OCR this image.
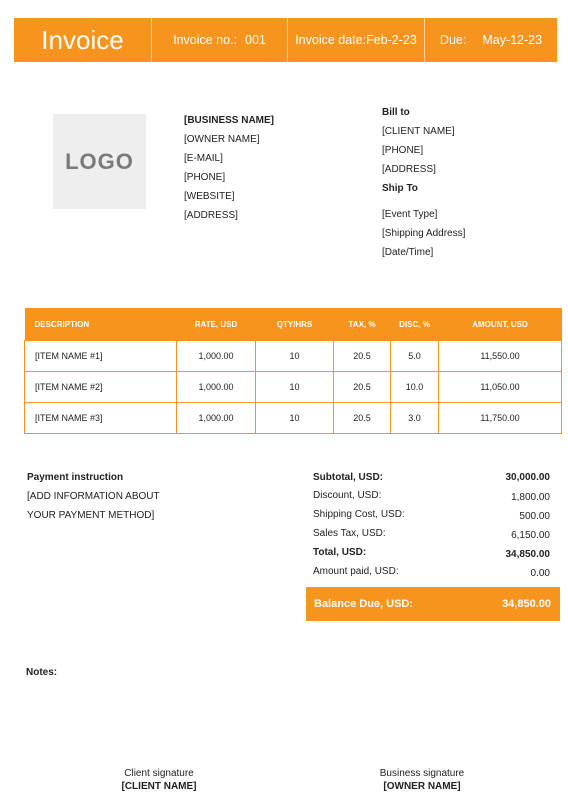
Invoice	Invoice no.: 001 Invoice date: Feb-2-23 Due: May-12-23
LOGO
[BUSINESS NAME]
[OWNER NAME]
[E-MAIL]
[PHONE]
[WEBSITE]
[ADDRESS]
Bill to
[CLIENT NAME]
[PHONE]
[ADDRESS]
Ship To
[Event Type]
[Shipping Address]
[Date/Time]
DESCRIPTION	RATE, USD	QTY/HRS	TAX, %	DISC, %	AMOUNT, USD
[ITEM NAME #1]	1,000.00	10	20.5	5.0	11,550.00
[ITEM NAME #2]	1,000.00	10	20.5	10.0	11,050.00
[ITEM NAME #3]	1,000.00	10	20.5	3.0	11,750.00
Payment instruction
[ADD INFORMATION ABOUT
YOUR PAYMENT METHOD]
Subtotal, USD:	30,000.00
Discount, USD:	1,800.00
Shipping Cost, USD:	500.00
Sales Tax, USD:	6,150.00
Total, USD:	34,850.00
Amount paid, USD:	0.00
Balance Due, USD:	34,850.00
Notes:
Client signature
[CLIENT NAME]
Business signature
[OWNER NAME]
